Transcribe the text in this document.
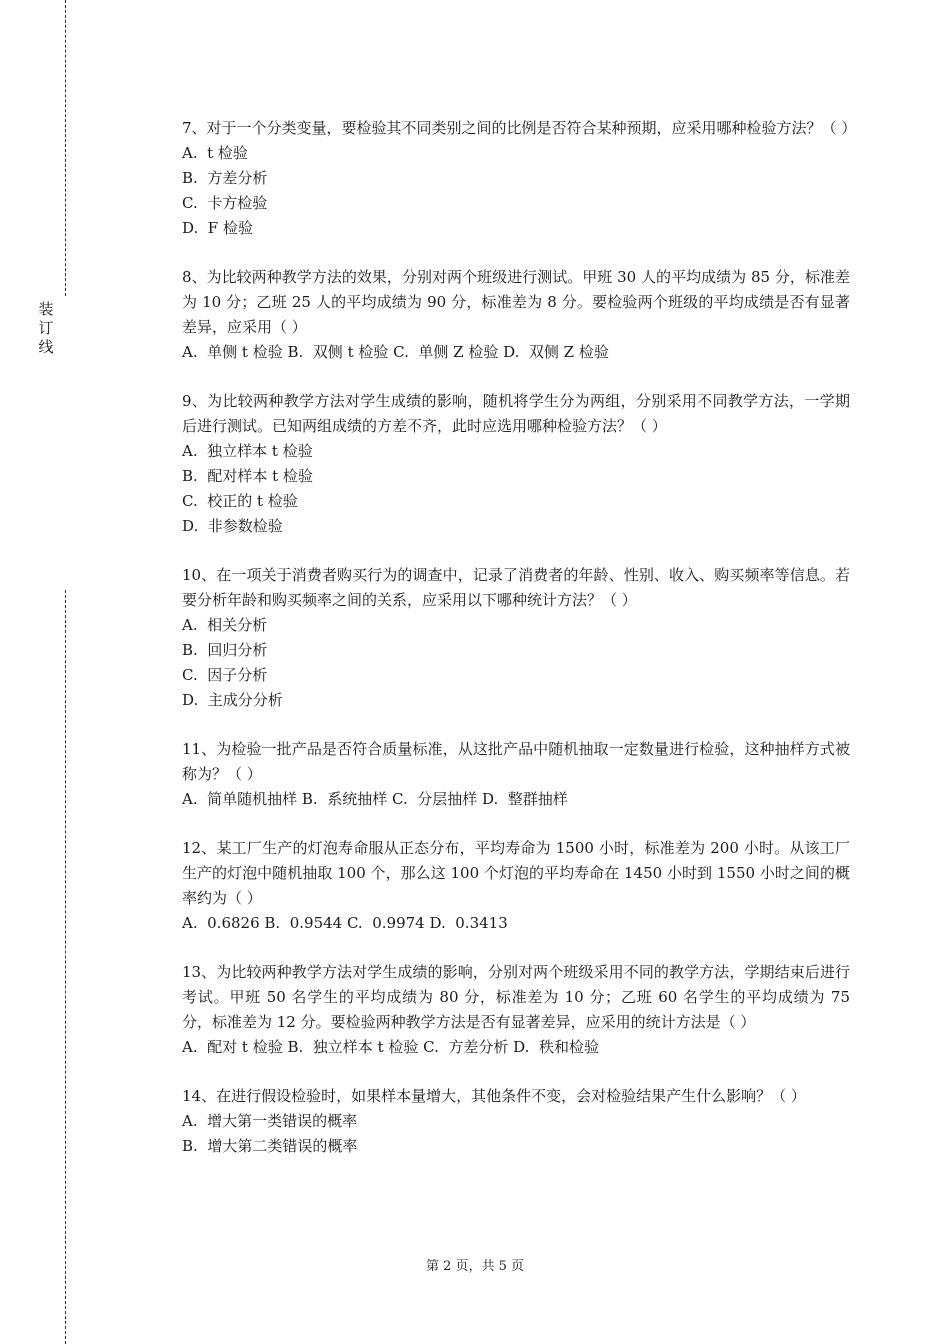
装
订
线

7、对于一个分类变量，要检验其不同类别之间的比例是否符合某种预期，应采用哪种检验方法？（ ）

A.  t 检验

B.  方差分析

C.  卡方检验

D.  F 检验

8、为比较两种教学方法的效果，分别对两个班级进行测试。甲班 30 人的平均成绩为 85 分，标准差为 10 分；乙班 25 人的平均成绩为 90 分，标准差为 8 分。要检验两个班级的平均成绩是否有显著差异，应采用（ ）

A.  单侧 t 检验 B.  双侧 t 检验 C.  单侧 Z 检验 D.  双侧 Z 检验

9、为比较两种教学方法对学生成绩的影响，随机将学生分为两组，分别采用不同教学方法，一学期后进行测试。已知两组成绩的方差不齐，此时应选用哪种检验方法？（ ）

A.  独立样本 t 检验

B.  配对样本 t 检验

C.  校正的 t 检验

D.  非参数检验

10、在一项关于消费者购买行为的调查中，记录了消费者的年龄、性别、收入、购买频率等信息。若要分析年龄和购买频率之间的关系，应采用以下哪种统计方法？（ ）

A.  相关分析

B.  回归分析

C.  因子分析

D.  主成分分析

11、为检验一批产品是否符合质量标准，从这批产品中随机抽取一定数量进行检验，这种抽样方式被称为？（ ）

A.  简单随机抽样 B.  系统抽样 C.  分层抽样 D.  整群抽样

12、某工厂生产的灯泡寿命服从正态分布，平均寿命为 1500 小时，标准差为 200 小时。从该工厂生产的灯泡中随机抽取 100 个，那么这 100 个灯泡的平均寿命在 1450 小时到 1550 小时之间的概率约为（ ）

A.  0.6826 B.  0.9544 C.  0.9974 D.  0.3413

13、为比较两种教学方法对学生成绩的影响，分别对两个班级采用不同的教学方法，学期结束后进行考试。甲班 50 名学生的平均成绩为 80 分，标准差为 10 分；乙班 60 名学生的平均成绩为 75 分，标准差为 12 分。要检验两种教学方法是否有显著差异，应采用的统计方法是（ ）

A.  配对 t 检验 B.  独立样本 t 检验 C.  方差分析 D.  秩和检验

14、在进行假设检验时，如果样本量增大，其他条件不变，会对检验结果产生什么影响？（ ）

A.  增大第一类错误的概率

B.  增大第二类错误的概率

第 2 页，共 5 页
